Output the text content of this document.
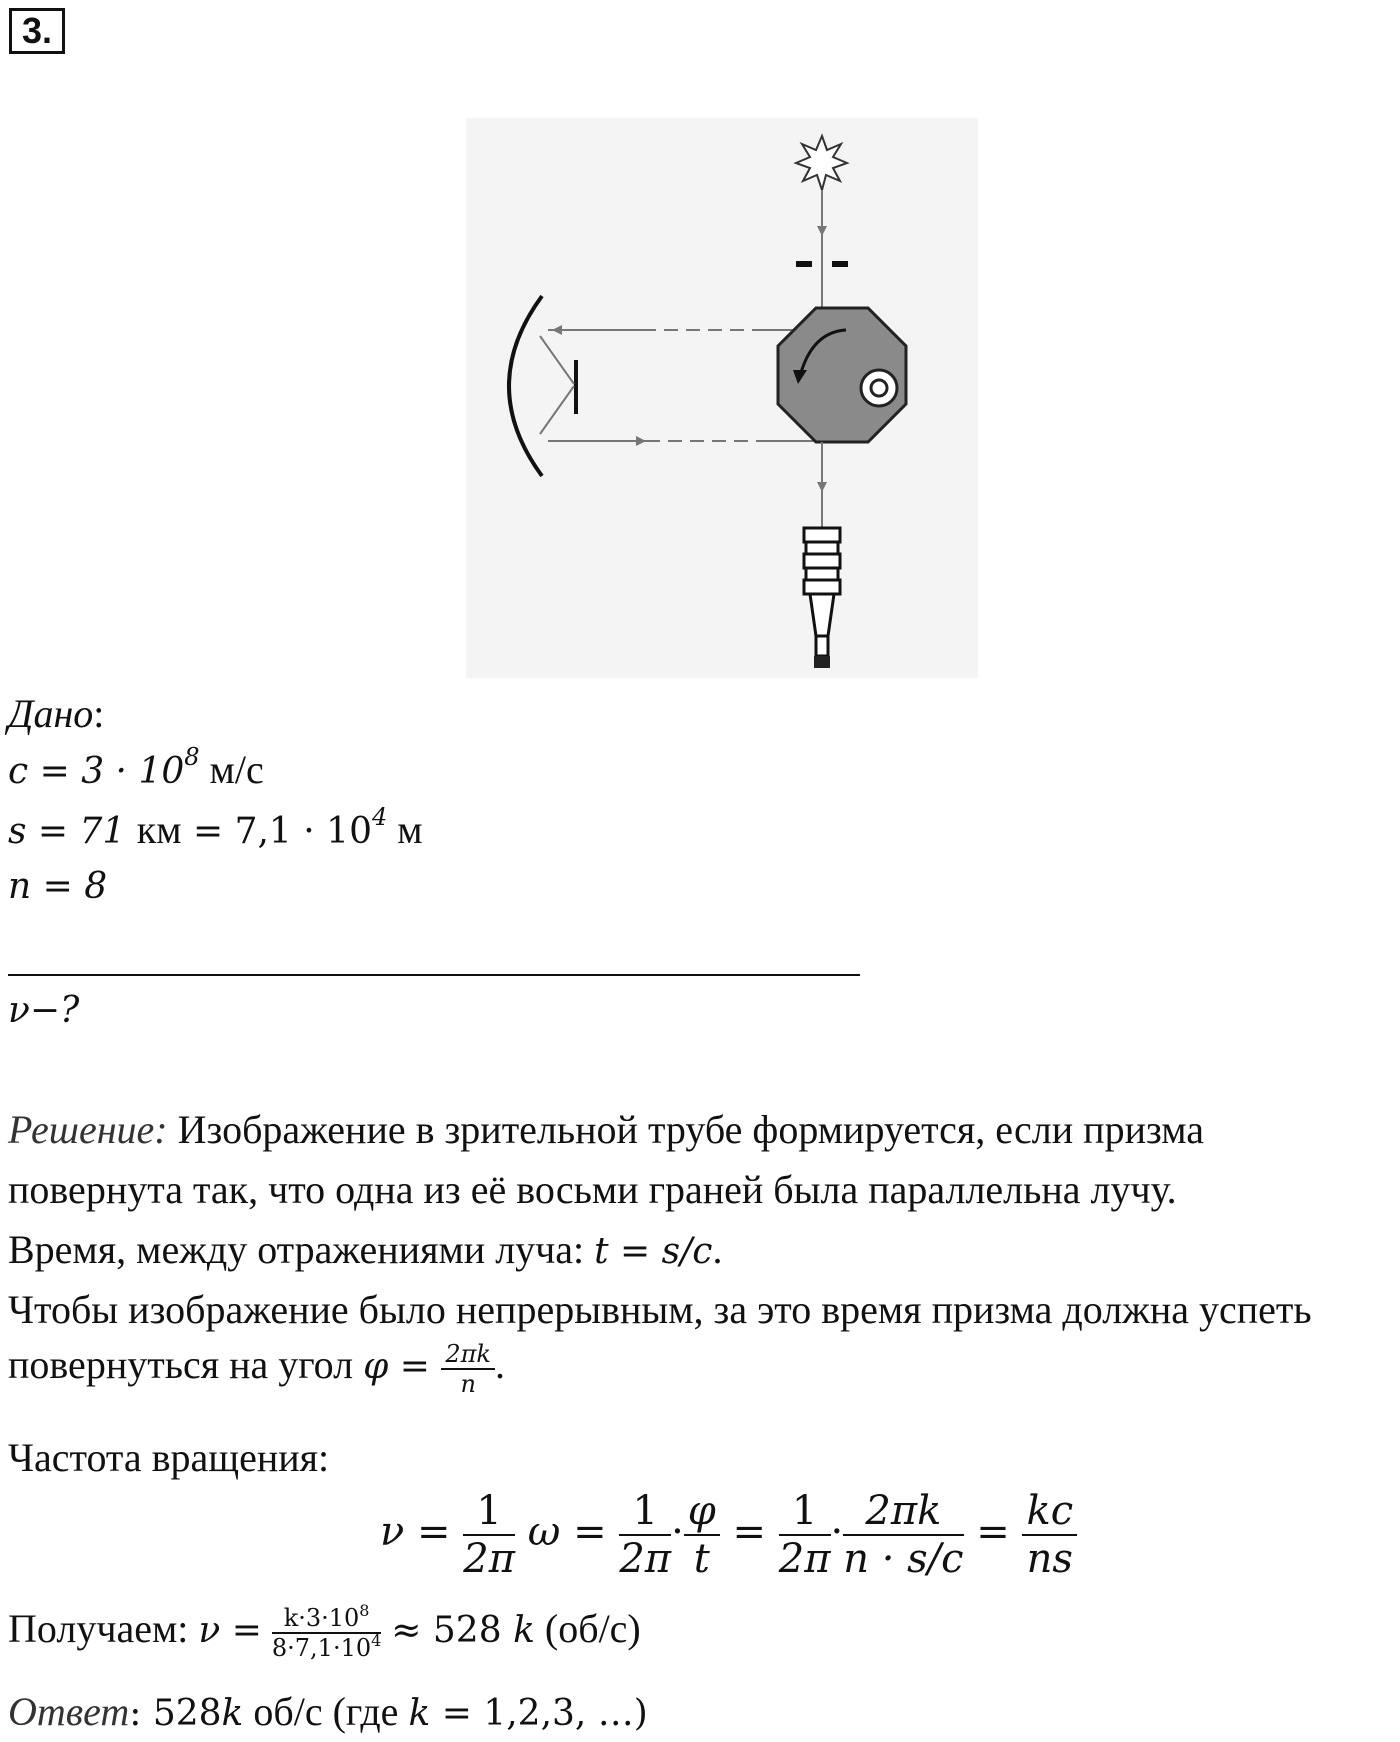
3.
Дано:
$c = 3 \cdot 10^8$ м/с
s = 71 км = $7,1 \cdot 10^4$ м
n = 8
ν−?
Решение: Изображение в зрительной трубе формируется, если призма
повернута так, что одна из её восьми граней была параллельна лучу.
Время, между отражениями луча: t = s/c.
Чтобы изображение было непрерывным, за это время призма должна успеть
повернуться на угол $\varphi = \frac{2\pi k}{n}$ .
Частота вращения:
$\nu = \frac{1}{2\pi}$ $\omega = \frac{1}{2\pi} \cdot \frac{\varphi}{t} = \frac{1}{2\pi} \cdot \frac{2\pi k}{n \cdot s/c} = \frac{kc}{ns}$
Получаем: $\nu = \frac{k\cdot 3\cdot 10^8}{8\cdot 7,1\cdot 10^4} \approx 528$ k (об/с)
Ответ: 528k об/с (где k = 1,2,3, …)
